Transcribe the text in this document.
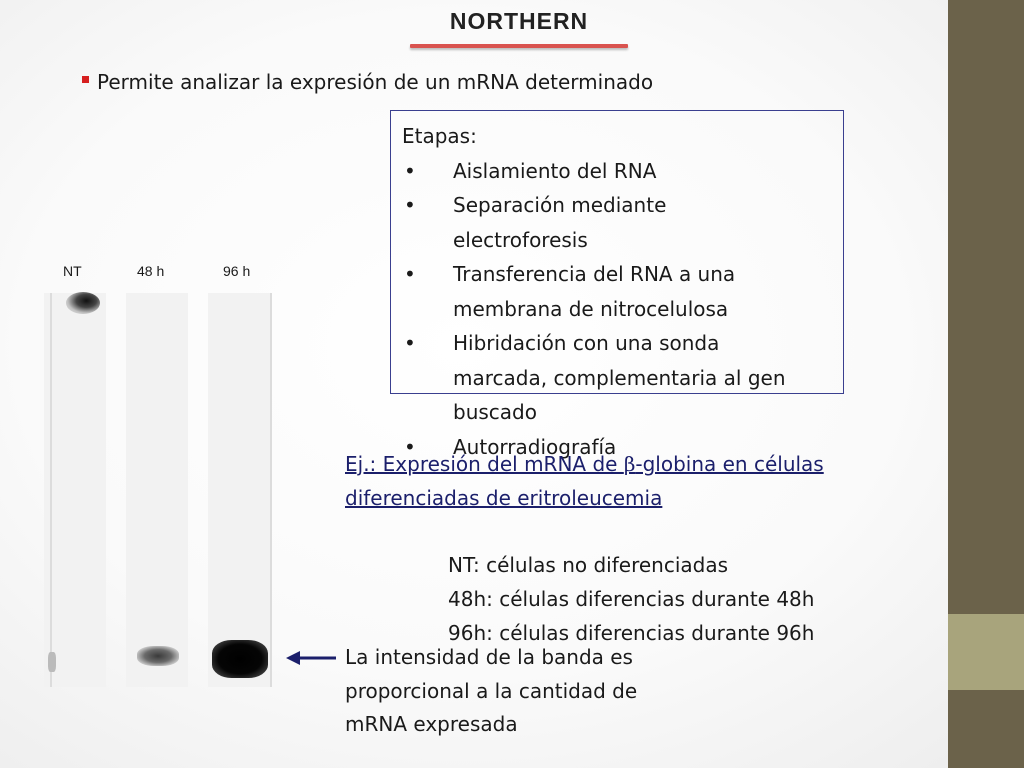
NORTHERN
Permite analizar la expresión de un mRNA determinado
Etapas:
• Aislamiento del RNA
• Separación mediante
electroforesis
• Transferencia del RNA a una
membrana de nitrocelulosa
• Hibridación con una sonda
marcada, complementaria al gen
buscado
• Autorradiografía
NT	48 h	96 h
Ej.: Expresión del mRNA de β-globina en células
diferenciadas de eritroleucemia
NT: células no diferenciadas
48h: células diferencias durante 48h
96h: células diferencias durante 96h
La intensidad de la banda es
proporcional a la cantidad de
mRNA expresada
